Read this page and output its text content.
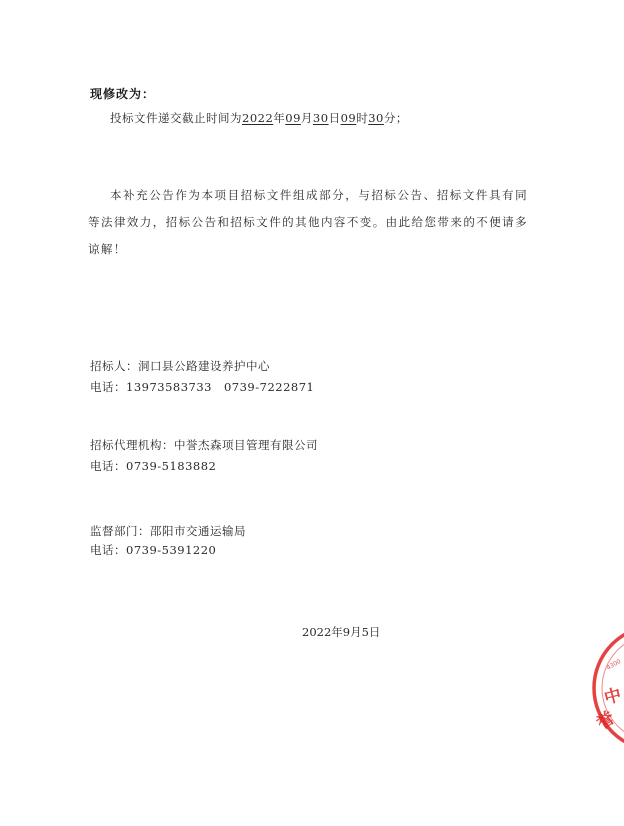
现修改为：
投标文件递交截止时间为2022年09月30日09时30分；
本补充公告作为本项目招标文件组成部分，与招标公告、招标文件具有同等法律效力，招标公告和招标文件的其他内容不变。由此给您带来的不便请多谅解！
招标人：洞口县公路建设养护中心
电话：13973583733　0739-7222871
招标代理机构：中誉杰森项目管理有限公司
电话：0739-5183882
监督部门：邵阳市交通运输局
电话：0739-5391220
2022年9月5日
4300
中
誉
